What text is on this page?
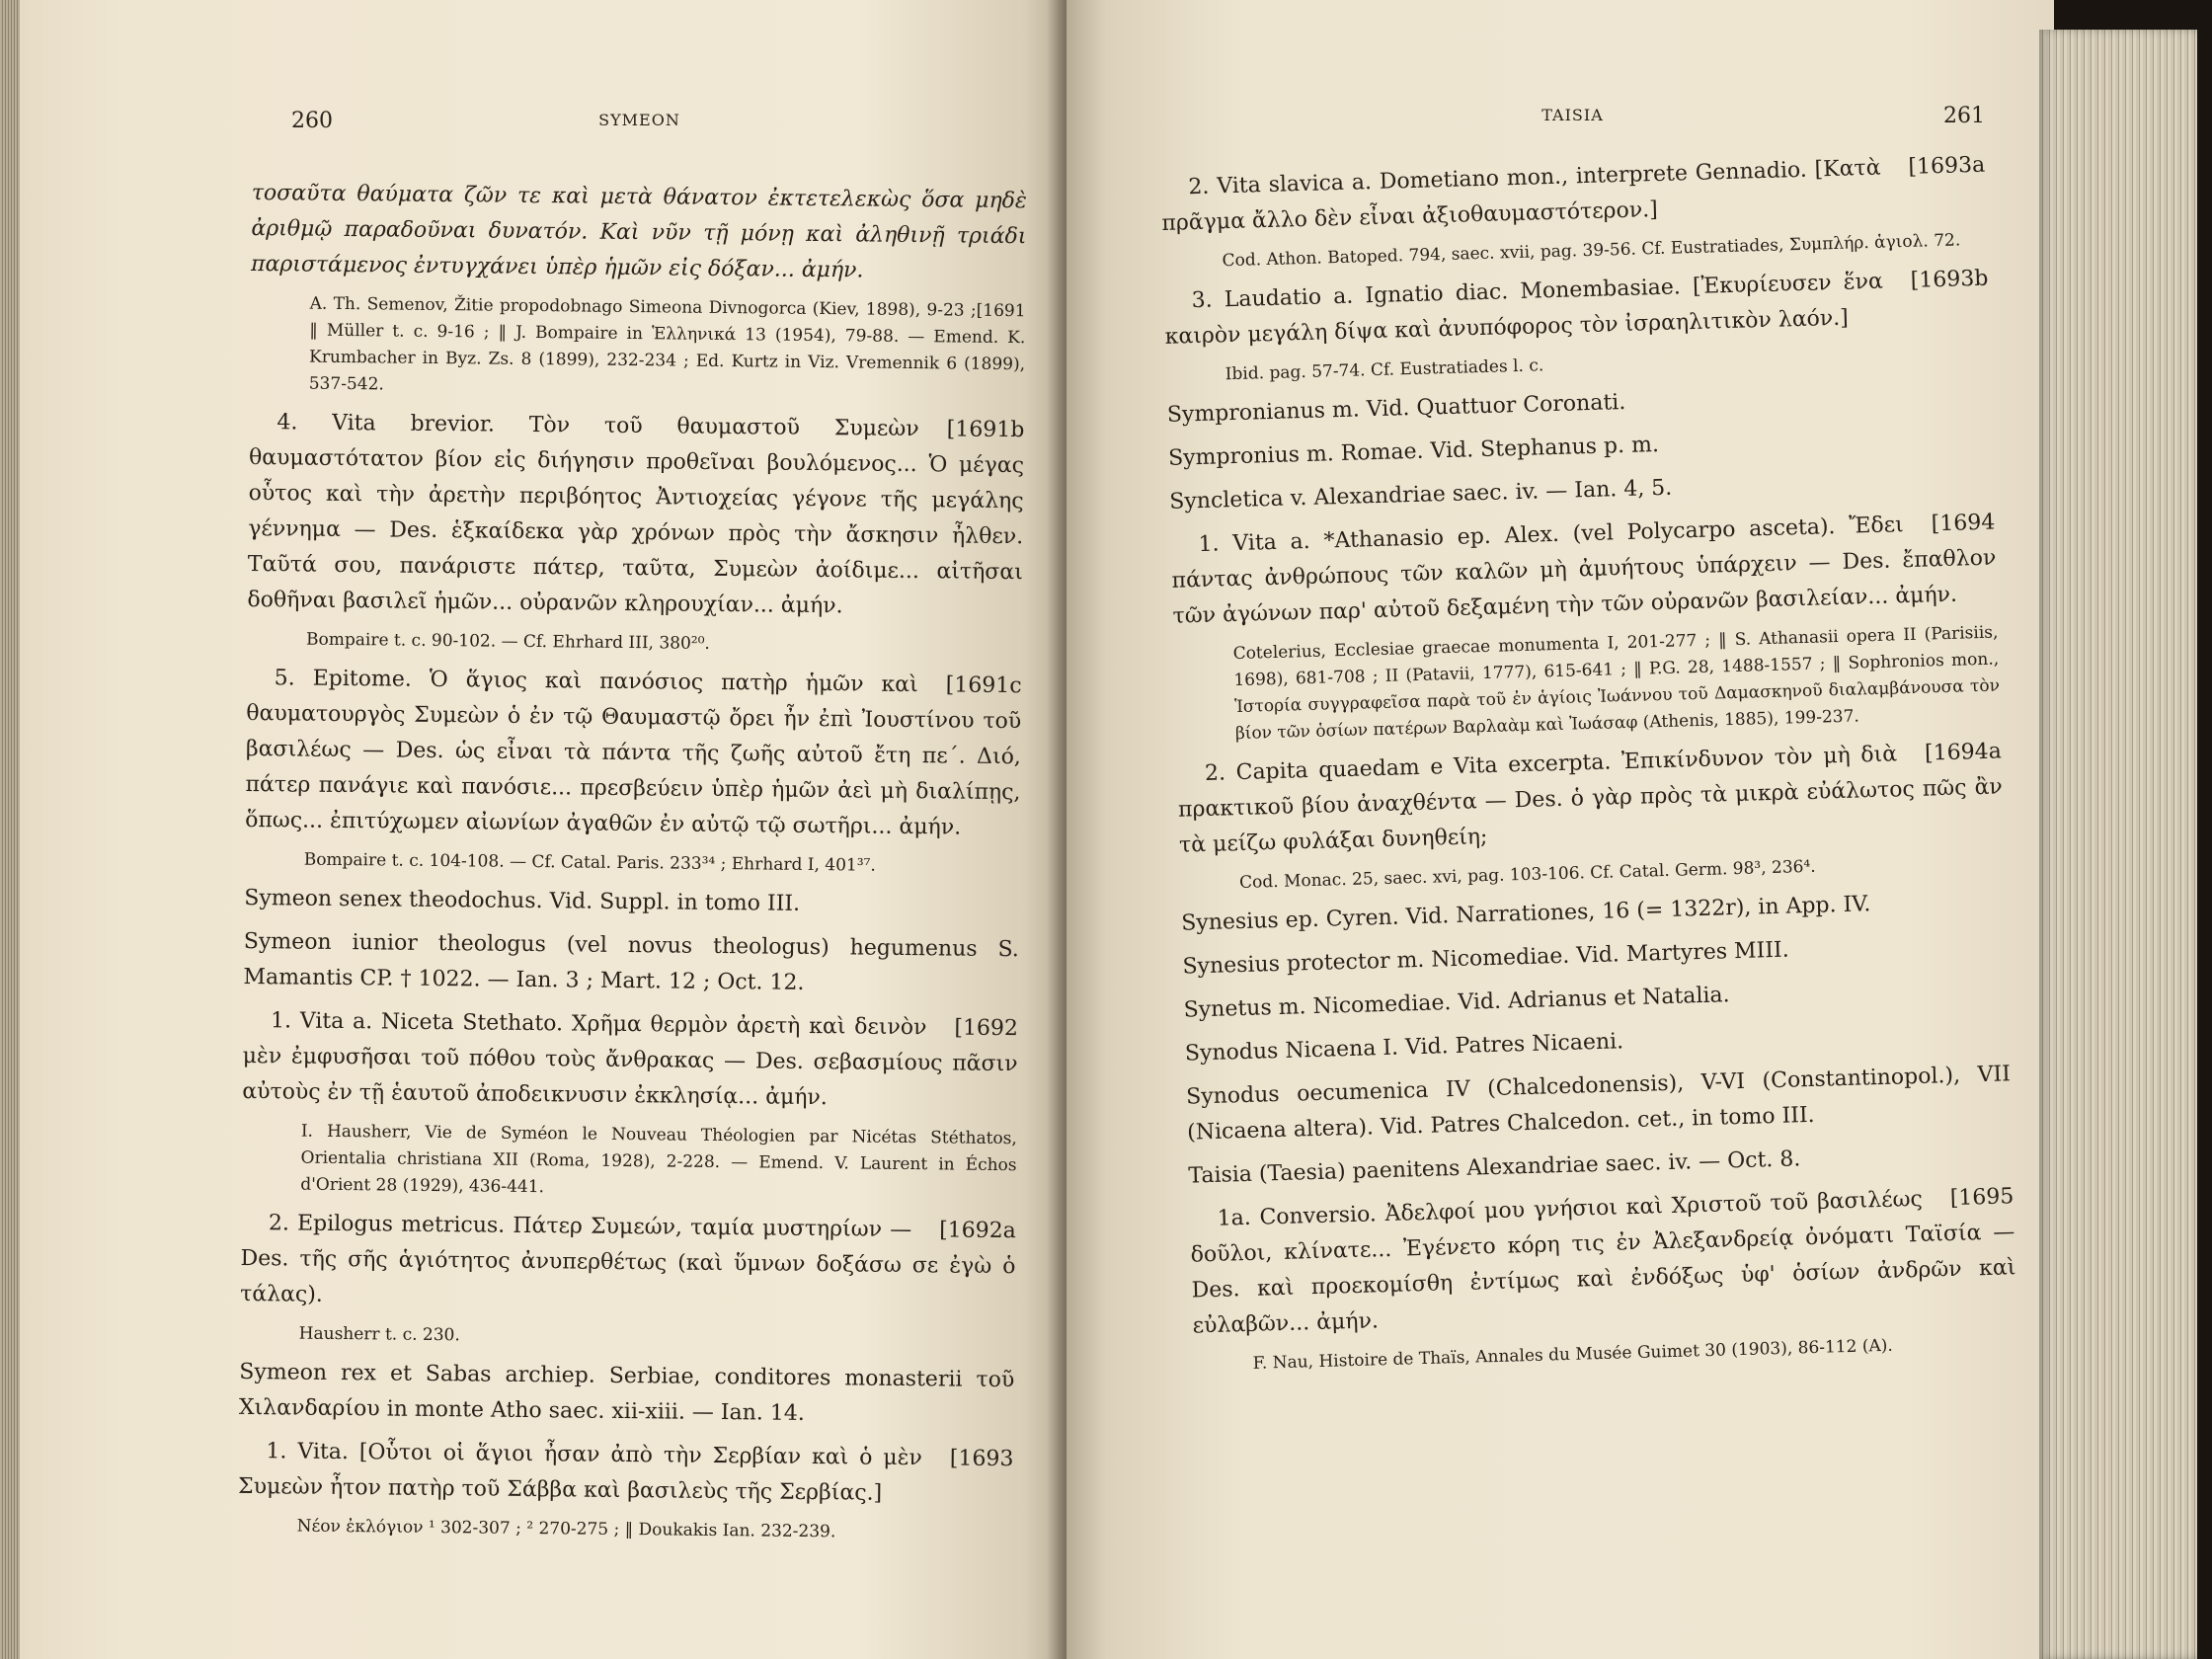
260	SYMEON

τοσαῦτα θαύματα ζῶν τε καὶ μετὰ θάνατον ἐκτετελεκὼς ὅσα μηδὲ ἀριθμῷ παραδοῦναι δυνατόν. Καὶ νῦν τῇ μόνῃ καὶ ἀληθινῇ τριάδι παριστάμενος ἐντυγχάνει ὑπὲρ ἡμῶν εἰς δόξαν... ἀμήν.

[1691
A. Th. Semenov, Žitie propodobnago Simeona Divnogorca (Kiev, 1898), 9-23 ; ‖ Müller t. c. 9-16 ; ‖ J. Bompaire in Ἑλληνικά 13 (1954), 79-88. — Emend. K. Krumbacher in Byz. Zs. 8 (1899), 232-234 ; Ed. Kurtz in Viz. Vremennik 6 (1899), 537-542.

[1691b
4. Vita brevior. Τὸν τοῦ θαυμαστοῦ Συμεὼν θαυμαστότατον βίον εἰς διήγησιν προθεῖναι βουλόμενος... Ὁ μέγας οὗτος καὶ τὴν ἀρετὴν περιβόητος Ἀντιοχείας γέγονε τῆς μεγάλης γέννημα — Des. ἑξκαίδεκα γὰρ χρόνων πρὸς τὴν ἄσκησιν ἦλθεν. Ταῦτά σου, πανάριστε πάτερ, ταῦτα, Συμεὼν ἀοίδιμε... αἰτῆσαι δοθῆναι βασιλεῖ ἡμῶν... οὐρανῶν κληρουχίαν... ἀμήν.

Bompaire t. c. 90-102. — Cf. Ehrhard III, 380²⁰.

[1691c
5. Epitome. Ὁ ἅγιος καὶ πανόσιος πατὴρ ἡμῶν καὶ θαυματουργὸς Συμεὼν ὁ ἐν τῷ Θαυμαστῷ ὄρει ἦν ἐπὶ Ἰουστίνου τοῦ βασιλέως — Des. ὡς εἶναι τὰ πάντα τῆς ζωῆς αὐτοῦ ἔτη πε΄. Διό, πάτερ πανάγιε καὶ πανόσιε... πρεσβεύειν ὑπὲρ ἡμῶν ἀεὶ μὴ διαλίπῃς, ὅπως... ἐπιτύχωμεν αἰωνίων ἀγαθῶν ἐν αὐτῷ τῷ σωτῆρι... ἀμήν.

Bompaire t. c. 104-108. — Cf. Catal. Paris. 233³⁴ ; Ehrhard I, 401³⁷.

Symeon senex theodochus. Vid. Suppl. in tomo III.

Symeon iunior theologus (vel novus theologus) hegumenus S. Mamantis CP. † 1022. — Ian. 3 ; Mart. 12 ; Oct. 12.

[1692
1. Vita a. Niceta Stethato. Χρῆμα θερμὸν ἀρετὴ καὶ δεινὸν μὲν ἐμφυσῆσαι τοῦ πόθου τοὺς ἄνθρακας — Des. σεβασμίους πᾶσιν αὐτοὺς ἐν τῇ ἑαυτοῦ ἀποδεικνυσιν ἐκκλησίᾳ... ἀμήν.

I. Hausherr, Vie de Syméon le Nouveau Théologien par Nicétas Stéthatos, Orientalia christiana XII (Roma, 1928), 2-228. — Emend. V. Laurent in Échos d'Orient 28 (1929), 436-441.

[1692a
2. Epilogus metricus. Πάτερ Συμεών, ταμία μυστηρίων — Des. τῆς σῆς ἁγιότητος ἀνυπερθέτως (καὶ ὕμνων δοξάσω σε ἐγὼ ὁ τάλας).

Hausherr t. c. 230.

Symeon rex et Sabas archiep. Serbiae, conditores monasterii τοῦ Χιλανδαρίου in monte Atho saec. xii-xiii. — Ian. 14.

[1693
1. Vita. [Οὗτοι οἱ ἅγιοι ἦσαν ἀπὸ τὴν Σερβίαν καὶ ὁ μὲν Συμεὼν ἦτον πατὴρ τοῦ Σάββα καὶ βασιλεὺς τῆς Σερβίας.]

Νέον ἐκλόγιον ¹ 302-307 ; ² 270-275 ; ‖ Doukakis Ian. 232-239.

TAISIA	261

[1693a
2. Vita slavica a. Dometiano mon., interprete Gennadio. [Κατὰ πρᾶγμα ἄλλο δὲν εἶναι ἀξιοθαυμαστότερον.]

Cod. Athon. Batoped. 794, saec. xvii, pag. 39-56. Cf. Eustratiades, Συμπλήρ. ἁγιολ. 72.

[1693b
3. Laudatio a. Ignatio diac. Monembasiae. [Ἐκυρίευσεν ἕνα καιρὸν μεγάλη δίψα καὶ ἀνυπόφορος τὸν ἰσραηλιτικὸν λαόν.]

Ibid. pag. 57-74. Cf. Eustratiades l. c.

Sympronianus m. Vid. Quattuor Coronati.

Sympronius m. Romae. Vid. Stephanus p. m.

Syncletica v. Alexandriae saec. iv. — Ian. 4, 5.

[1694
1. Vita a. *Athanasio ep. Alex. (vel Polycarpo asceta). Ἔδει πάντας ἀνθρώπους τῶν καλῶν μὴ ἀμυήτους ὑπάρχειν — Des. ἔπαθλον τῶν ἀγώνων παρ' αὐτοῦ δεξαμένη τὴν τῶν οὐρανῶν βασιλείαν... ἀμήν.

Cotelerius, Ecclesiae graecae monumenta I, 201-277 ; ‖ S. Athanasii opera II (Parisiis, 1698), 681-708 ; II (Patavii, 1777), 615-641 ; ‖ P.G. 28, 1488-1557 ; ‖ Sophronios mon., Ἱστορία συγγραφεῖσα παρὰ τοῦ ἐν ἁγίοις Ἰωάννου τοῦ Δαμασκηνοῦ διαλαμβάνουσα τὸν βίον τῶν ὁσίων πατέρων Βαρλαὰμ καὶ Ἰωάσαφ (Athenis, 1885), 199-237.

[1694a
2. Capita quaedam e Vita excerpta. Ἐπικίνδυνον τὸν μὴ διὰ πρακτικοῦ βίου ἀναχθέντα — Des. ὁ γὰρ πρὸς τὰ μικρὰ εὐάλωτος πῶς ἂν τὰ μείζω φυλάξαι δυνηθείη;

Cod. Monac. 25, saec. xvi, pag. 103-106. Cf. Catal. Germ. 98³, 236⁴.

Synesius ep. Cyren. Vid. Narrationes, 16 (= 1322r), in App. IV.

Synesius protector m. Nicomediae. Vid. Martyres MIII.

Synetus m. Nicomediae. Vid. Adrianus et Natalia.

Synodus Nicaena I. Vid. Patres Nicaeni.

Synodus oecumenica IV (Chalcedonensis), V-VI (Constantinopol.), VII (Nicaena altera). Vid. Patres Chalcedon. cet., in tomo III.

Taisia (Taesia) paenitens Alexandriae saec. iv. — Oct. 8.

[1695
1a. Conversio. Ἀδελφοί μου γνήσιοι καὶ Χριστοῦ τοῦ βασιλέως δοῦλοι, κλίνατε... Ἐγένετο κόρη τις ἐν Ἀλεξανδρείᾳ ὀνόματι Ταϊσία — Des. καὶ προεκομίσθη ἐντίμως καὶ ἐνδόξως ὑφ' ὁσίων ἀνδρῶν καὶ εὐλαβῶν... ἀμήν.

F. Nau, Histoire de Thaïs, Annales du Musée Guimet 30 (1903), 86-112 (A).
